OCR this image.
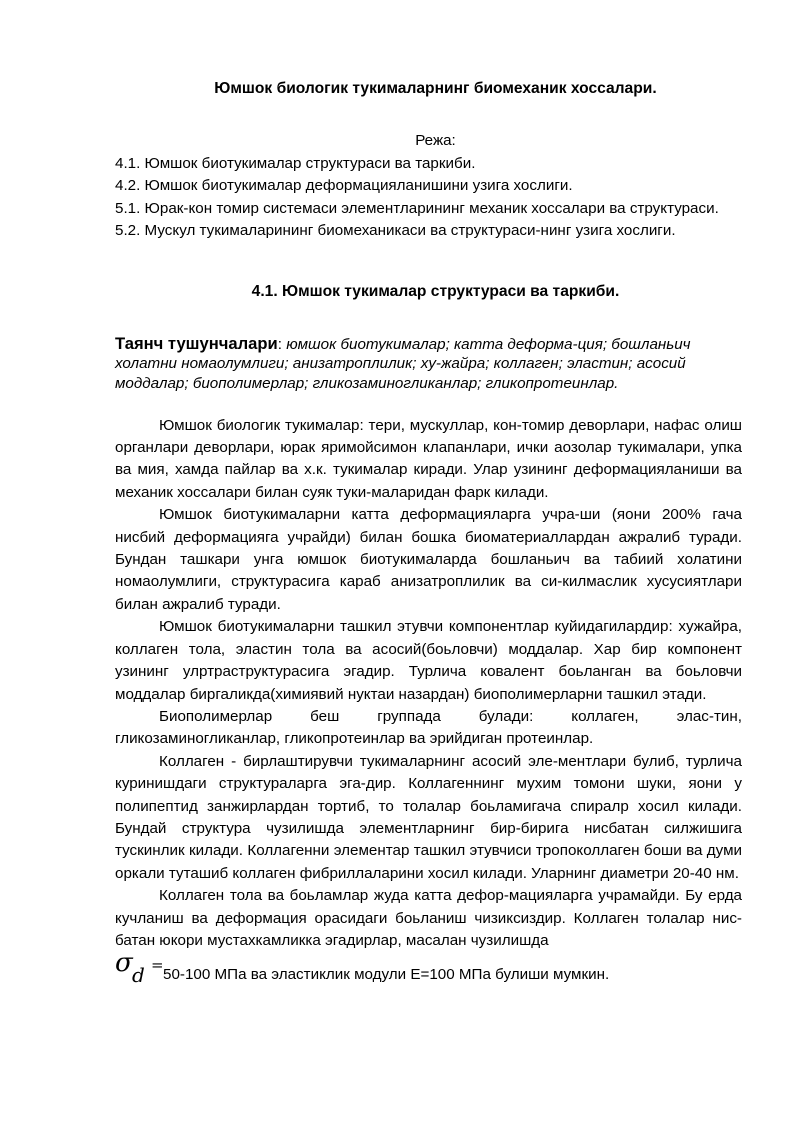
Юмшок биологик тукималарнинг биомеханик хоссалари.
Режа:

4.1. Юмшок биотукималар структураси ва таркиби.

4.2. Юмшок биотукималар деформацияланишини узига хослиги.

5.1. Юрак-кон томир системаси элементларининг механик хоссалари ва структураси.

5.2. Мускул тукималарининг биомеханикаси ва структураси-нинг узига хослиги.

4.1. Юмшок тукималар структураси ва таркиби.
Таянч тушунчалари: юмшок биотукималар; катта деформа-ция; бошланьич холатни номаолумлиги; анизатроплилик; ху-жайра; коллаген; эластин; асосий моддалар; биополимерлар; гликозаминогликанлар; гликопротеинлар.

Юмшок биологик тукималар: тери, мускуллар, кон-томир деворлари, нафас олиш органлари деворлари, юрак яримойсимон клапанлари, ички аозолар тукималари, упка ва мия, хамда пайлар ва х.к. тукималар киради. Улар узининг деформацияланиши ва механик хоссалари билан суяк туки-маларидан фарк килади.

Юмшок биотукималарни катта деформацияларга учра-ши (яони 200% гача нисбий деформацияга учрайди) билан бошка биоматериаллардан ажралиб туради. Бундан ташкари унга юмшок биотукималарда бошланьич ва табиий холатини номаолумлиги, структурасига караб анизатроплилик ва си-килмаслик хусусиятлари билан ажралиб туради.

Юмшок биотукималарни ташкил этувчи компонентлар куйидагилардир: хужайра, коллаген тола, эластин тола ва асосий(боьловчи) моддалар. Хар бир компонент узининг улртраструктурасига эгадир. Турлича ковалент боьланган ва боьловчи моддалар биргаликда(химиявий нуктаи назардан) биополимерларни ташкил этади.

Биополимерлар беш группада булади: коллаген, элас-тин, гликозаминогликанлар, гликопротеинлар ва эрийдиган протеинлар.

Коллаген - бирлаштирувчи тукималарнинг асосий эле-ментлари булиб, турлича куринишдаги структураларга эга-дир. Коллагеннинг мухим томони шуки, яони у полипептид занжирлардан тортиб, то толалар боьламигача спиралр хосил килади. Бундай структура чузилишда элементларнинг бир-бирига нисбатан силжишига тускинлик килади. Коллагенни элементар ташкил этувчиси тропоколлаген боши ва думи оркали туташиб коллаген фибриллаларини хосил килади. Уларнинг диаметри 20-40 нм.

Коллаген тола ва боьламлар жуда катта дефор-мацияларга учрамайди. Бу ерда кучланиш ва деформация орасидаги боьланиш чизиксиздир. Коллаген толалар нис-батан юкори мустахкамликка эгадирлар, масалан чузилишда

σ d =
50-100 МПа ва эластиклик модули Е=100 МПа булиши мумкин.
